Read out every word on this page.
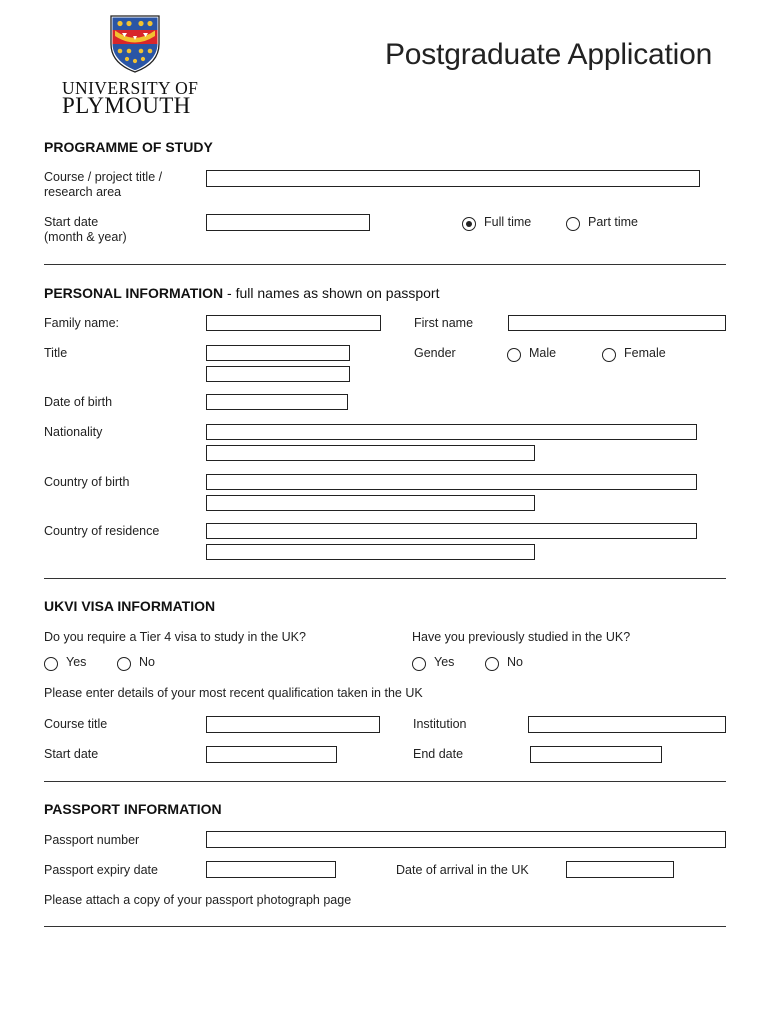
UNIVERSITY OF
PLYMOUTH
Postgraduate Application
PROGRAMME OF STUDY
Course / project title /
research area
Start date
(month & year)
Full time	Part time
PERSONAL INFORMATION - full names as shown on passport
Family name:	First name
Title	Gender	Male	Female
Date of birth
Nationality
Country of birth
Country of residence
UKVI VISA INFORMATION
Do you require a Tier 4 visa to study in the UK?	Have you previously studied in the UK?
Yes	No	Yes	No
Please enter details of your most recent qualification taken in the UK
Course title	Institution
Start date	End date
PASSPORT INFORMATION
Passport number
Passport expiry date	Date of arrival in the UK
Please attach a copy of your passport photograph page
